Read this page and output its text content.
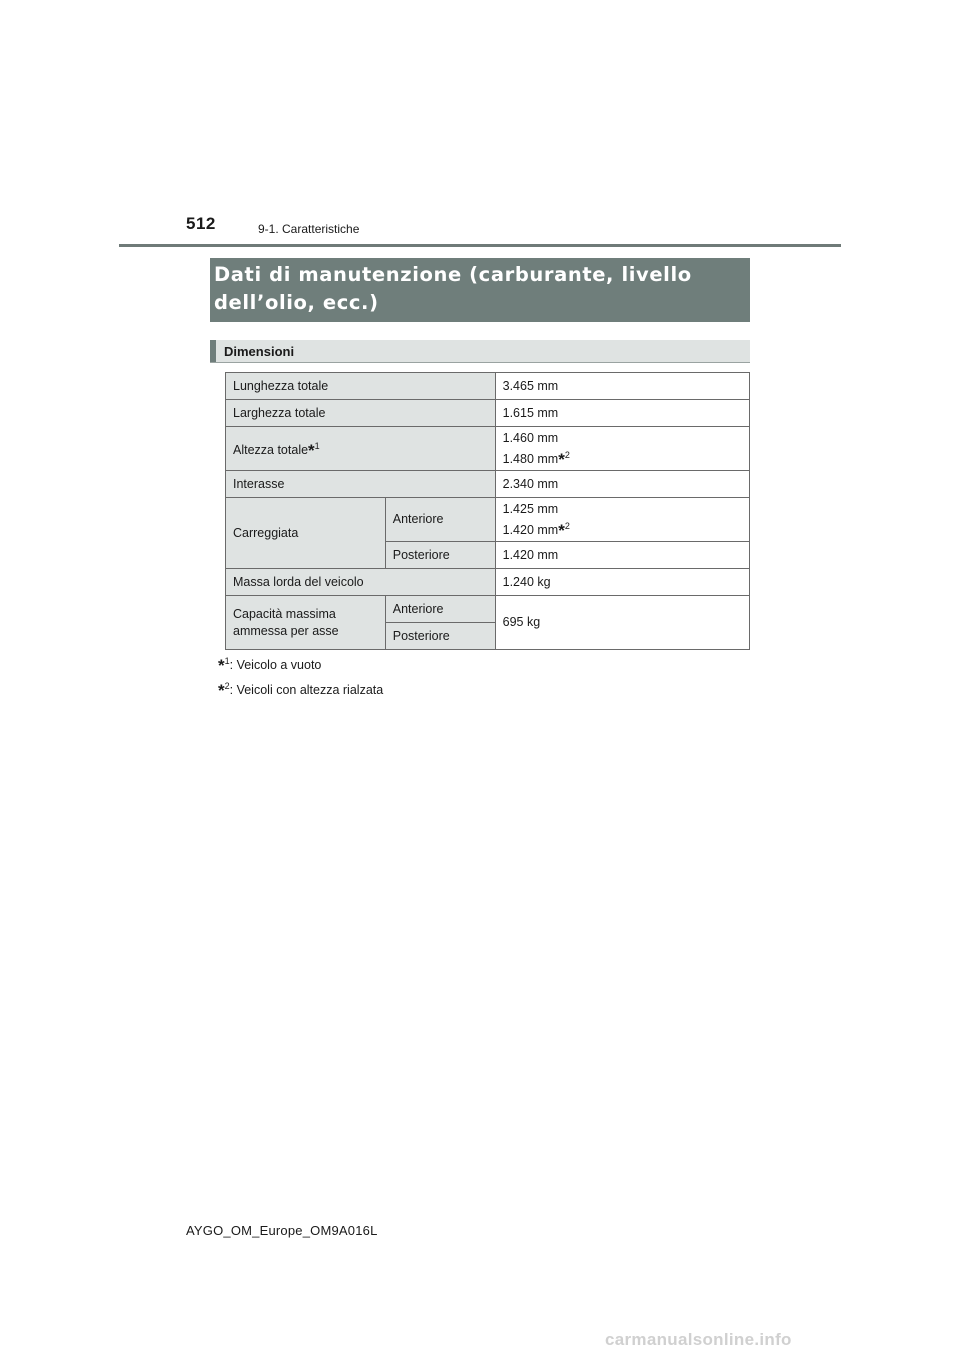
512	9-1. Caratteristiche
Dati di manutenzione (carburante, livello
dell’olio, ecc.)
Dimensioni
Lunghezza totale		3.465 mm
Larghezza totale		1.615 mm
Altezza totale*$^1$		1.460 mm
1.480 mm*$^2$

Interasse		2.340 mm
Carreggiata	Anteriore	1.425 mm
1.420 mm*$^2$

	Posteriore	1.420 mm
Massa lorda del veicolo		1.240 kg

Capacità massima
ammessa per asse	Anteriore	695 kg
	Posteriore	
*$^1$: Veicolo a vuoto
*$^2$: Veicoli con altezza rialzata
AYGO_OM_Europe_OM9A016L
carmanualsonline.info
